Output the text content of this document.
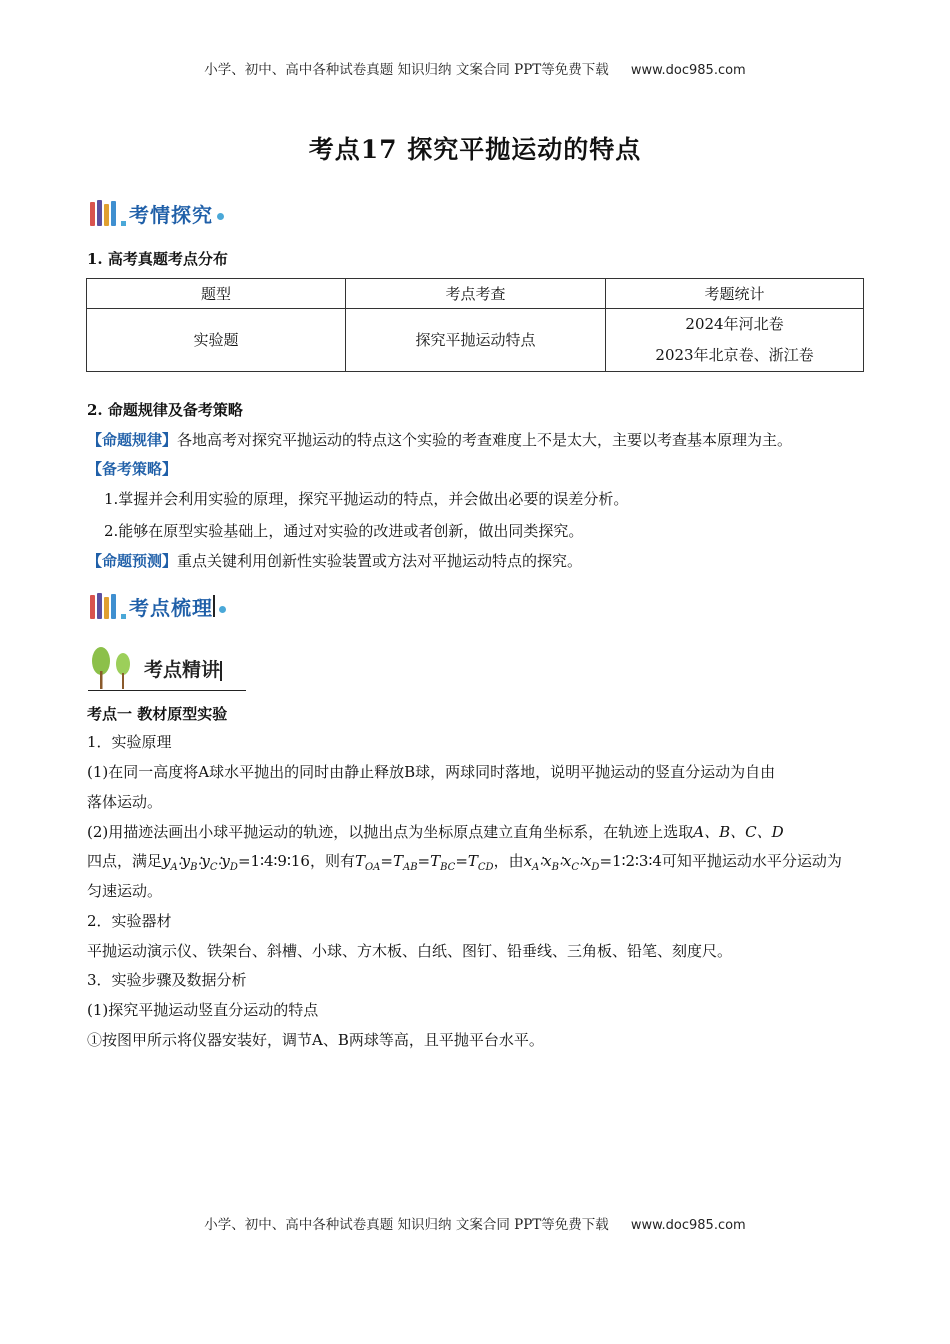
小学、初中、高中各种试卷真题 知识归纳 文案合同 PPT等免费下载 www.doc985.com
考点17 探究平抛运动的特点
考情探究
1. 高考真题考点分布
题型	考点考查	考题统计
实验题	探究平抛运动特点	2024年河北卷
2023年北京卷、浙江卷
2. 命题规律及备考策略
【命题规律】各地高考对探究平抛运动的特点这个实验的考查难度上不是太大，主要以考查基本原理为主。
【备考策略】
1.掌握并会利用实验的原理，探究平抛运动的特点，并会做出必要的误差分析。
2.能够在原型实验基础上，通过对实验的改进或者创新，做出同类探究。
【命题预测】重点关键利用创新性实验装置或方法对平抛运动特点的探究。
考点梳理
考点精讲
考点一 教材原型实验
1．实验原理
(1)在同一高度将A球水平抛出的同时由静止释放B球，两球同时落地，说明平抛运动的竖直分运动为自由
落体运动。
(2)用描迹法画出小球平抛运动的轨迹，以抛出点为坐标原点建立直角坐标系，在轨迹上选取A、B、C、D
四点，满足$y_A∶y_B∶y_C∶y_D=1∶4∶9∶16$，则有$T_{OA}=T_{AB}=T_{BC}=T_{CD}$，由$x_A∶x_B∶x_C∶x_D=1∶2∶3∶4$可知平抛运动水平分运动为
匀速运动。
2．实验器材
平抛运动演示仪、铁架台、斜槽、小球、方木板、白纸、图钉、铅垂线、三角板、铅笔、刻度尺。
3．实验步骤及数据分析
(1)探究平抛运动竖直分运动的特点
①按图甲所示将仪器安装好，调节A、B两球等高，且平抛平台水平。
小学、初中、高中各种试卷真题 知识归纳 文案合同 PPT等免费下载 www.doc985.com
